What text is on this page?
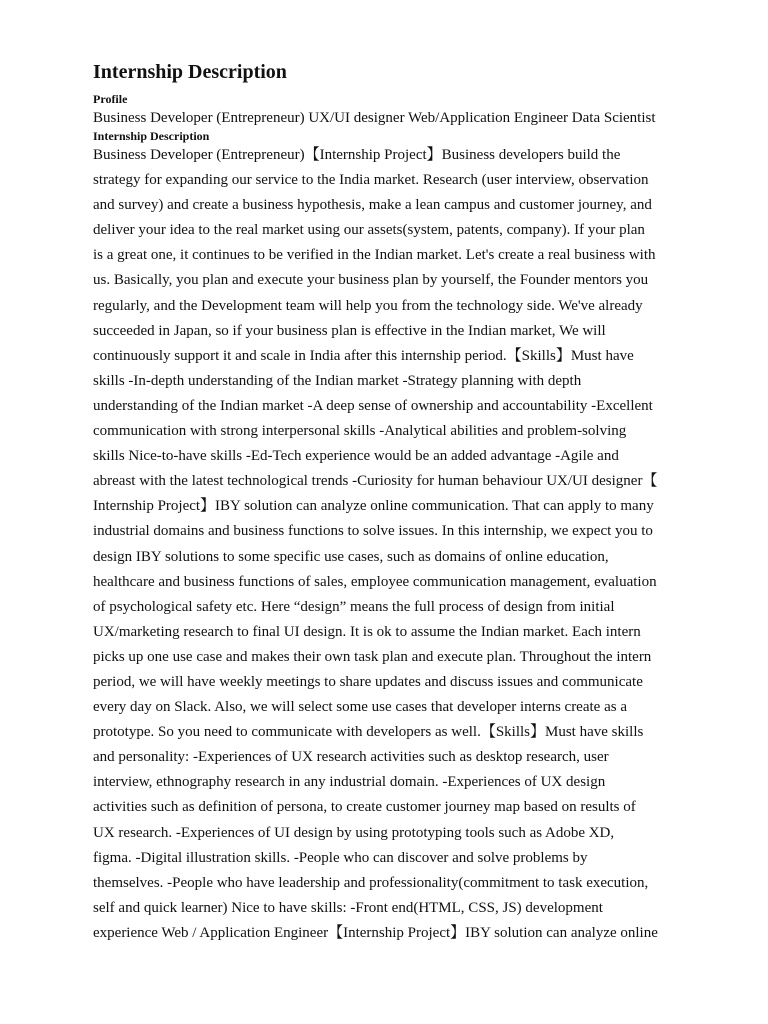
Internship Description

Profile

Business Developer (Entrepreneur) UX/UI designer Web/Application Engineer Data Scientist

Internship Description

Business Developer (Entrepreneur)【Internship Project】Business developers build the
strategy for expanding our service to the India market. Research (user interview, observation
and survey) and create a business hypothesis, make a lean campus and customer journey, and
deliver your idea to the real market using our assets(system, patents, company). If your plan
is a great one, it continues to be verified in the Indian market. Let's create a real business with
us. Basically, you plan and execute your business plan by yourself, the Founder mentors you
regularly, and the Development team will help you from the technology side. We've already
succeeded in Japan, so if your business plan is effective in the Indian market, We will
continuously support it and scale in India after this internship period.【Skills】Must have
skills -In-depth understanding of the Indian market -Strategy planning with depth
understanding of the Indian market -A deep sense of ownership and accountability -Excellent
communication with strong interpersonal skills -Analytical abilities and problem-solving
skills Nice-to-have skills -Ed-Tech experience would be an added advantage -Agile and
abreast with the latest technological trends -Curiosity for human behaviour UX/UI designer【
Internship Project】IBY solution can analyze online communication. That can apply to many
industrial domains and business functions to solve issues. In this internship, we expect you to
design IBY solutions to some specific use cases, such as domains of online education,
healthcare and business functions of sales, employee communication management, evaluation
of psychological safety etc. Here “design” means the full process of design from initial
UX/marketing research to final UI design. It is ok to assume the Indian market. Each intern
picks up one use case and makes their own task plan and execute plan. Throughout the intern
period, we will have weekly meetings to share updates and discuss issues and communicate
every day on Slack. Also, we will select some use cases that developer interns create as a
prototype. So you need to communicate with developers as well.【Skills】Must have skills
and personality: -Experiences of UX research activities such as desktop research, user
interview, ethnography research in any industrial domain. -Experiences of UX design
activities such as definition of persona, to create customer journey map based on results of
UX research. -Experiences of UI design by using prototyping tools such as Adobe XD,
figma. -Digital illustration skills. -People who can discover and solve problems by
themselves. -People who have leadership and professionality(commitment to task execution,
self and quick learner) Nice to have skills: -Front end(HTML, CSS, JS) development
experience Web / Application Engineer【Internship Project】IBY solution can analyze online
